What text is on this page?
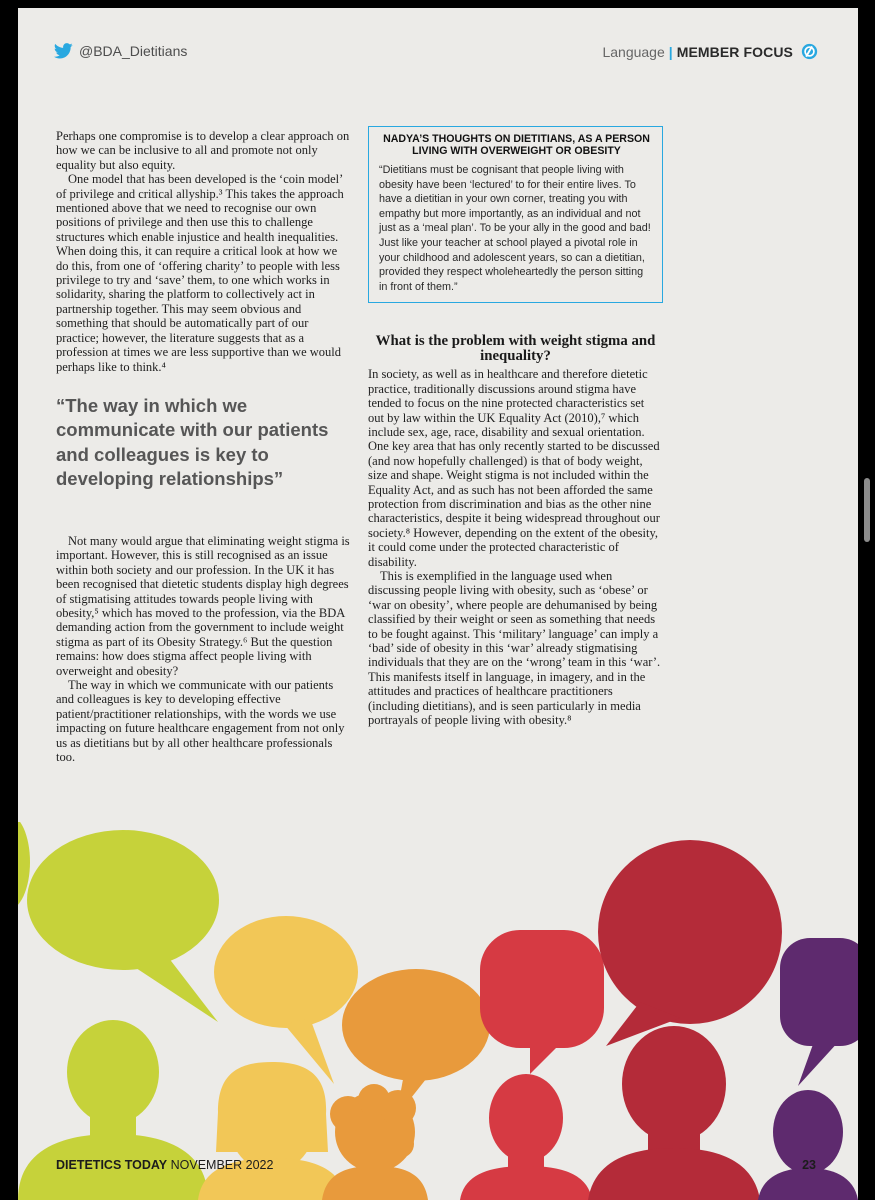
@BDA_Dietitians	Language | MEMBER FOCUS

Perhaps one compromise is to develop a clear approach on how we can be inclusive to all and promote not only equality but also equity.

One model that has been developed is the ‘coin model’ of privilege and critical allyship.³ This takes the approach mentioned above that we need to recognise our own positions of privilege and then use this to challenge structures which enable injustice and health inequalities. When doing this, it can require a critical look at how we do this, from one of ‘offering charity’ to people with less privilege to try and ‘save’ them, to one which works in solidarity, sharing the platform to collectively act in partnership together. This may seem obvious and something that should be automatically part of our practice; however, the literature suggests that as a profession at times we are less supportive than we would perhaps like to think.⁴

“The way in which we communicate with our patients and colleagues is key to developing relationships”

Not many would argue that eliminating weight stigma is important. However, this is still recognised as an issue within both society and our profession. In the UK it has been recognised that dietetic students display high degrees of stigmatising attitudes towards people living with obesity,⁵ which has moved to the profession, via the BDA demanding action from the government to include weight stigma as part of its Obesity Strategy.⁶ But the question remains: how does stigma affect people living with overweight and obesity?

The way in which we communicate with our patients and colleagues is key to developing effective patient/practitioner relationships, with the words we use impacting on future healthcare engagement from not only us as dietitians but by all other healthcare professionals too.

NADYA’S THOUGHTS ON DIETITIANS, AS A PERSON LIVING WITH OVERWEIGHT OR OBESITY
“Dietitians must be cognisant that people living with obesity have been ‘lectured’ to for their entire lives. To have a dietitian in your own corner, treating you with empathy but more importantly, as an individual and not just as a ‘meal plan’. To be your ally in the good and bad! Just like your teacher at school played a pivotal role in your childhood and adolescent years, so can a dietitian, provided they respect wholeheartedly the person sitting in front of them.”
What is the problem with weight stigma and inequality?

In society, as well as in healthcare and therefore dietetic practice, traditionally discussions around stigma have tended to focus on the nine protected characteristics set out by law within the UK Equality Act (2010),⁷ which include sex, age, race, disability and sexual orientation. One key area that has only recently started to be discussed (and now hopefully challenged) is that of body weight, size and shape. Weight stigma is not included within the Equality Act, and as such has not been afforded the same protection from discrimination and bias as the other nine characteristics, despite it being widespread throughout our society.⁸ However, depending on the extent of the obesity, it could come under the protected characteristic of disability.

This is exemplified in the language used when discussing people living with obesity, such as ‘obese’ or ‘war on obesity’, where people are dehumanised by being classified by their weight or seen as something that needs to be fought against. This ‘military’ language’ can imply a ‘bad’ side of obesity in this ‘war’ already stigmatising individuals that they are on the ‘wrong’ team in this ‘war’. This manifests itself in language, in imagery, and in the attitudes and practices of healthcare practitioners (including dietitians), and is seen particularly in media portrayals of people living with obesity.⁸

DIETETICS TODAY NOVEMBER 2022	23
